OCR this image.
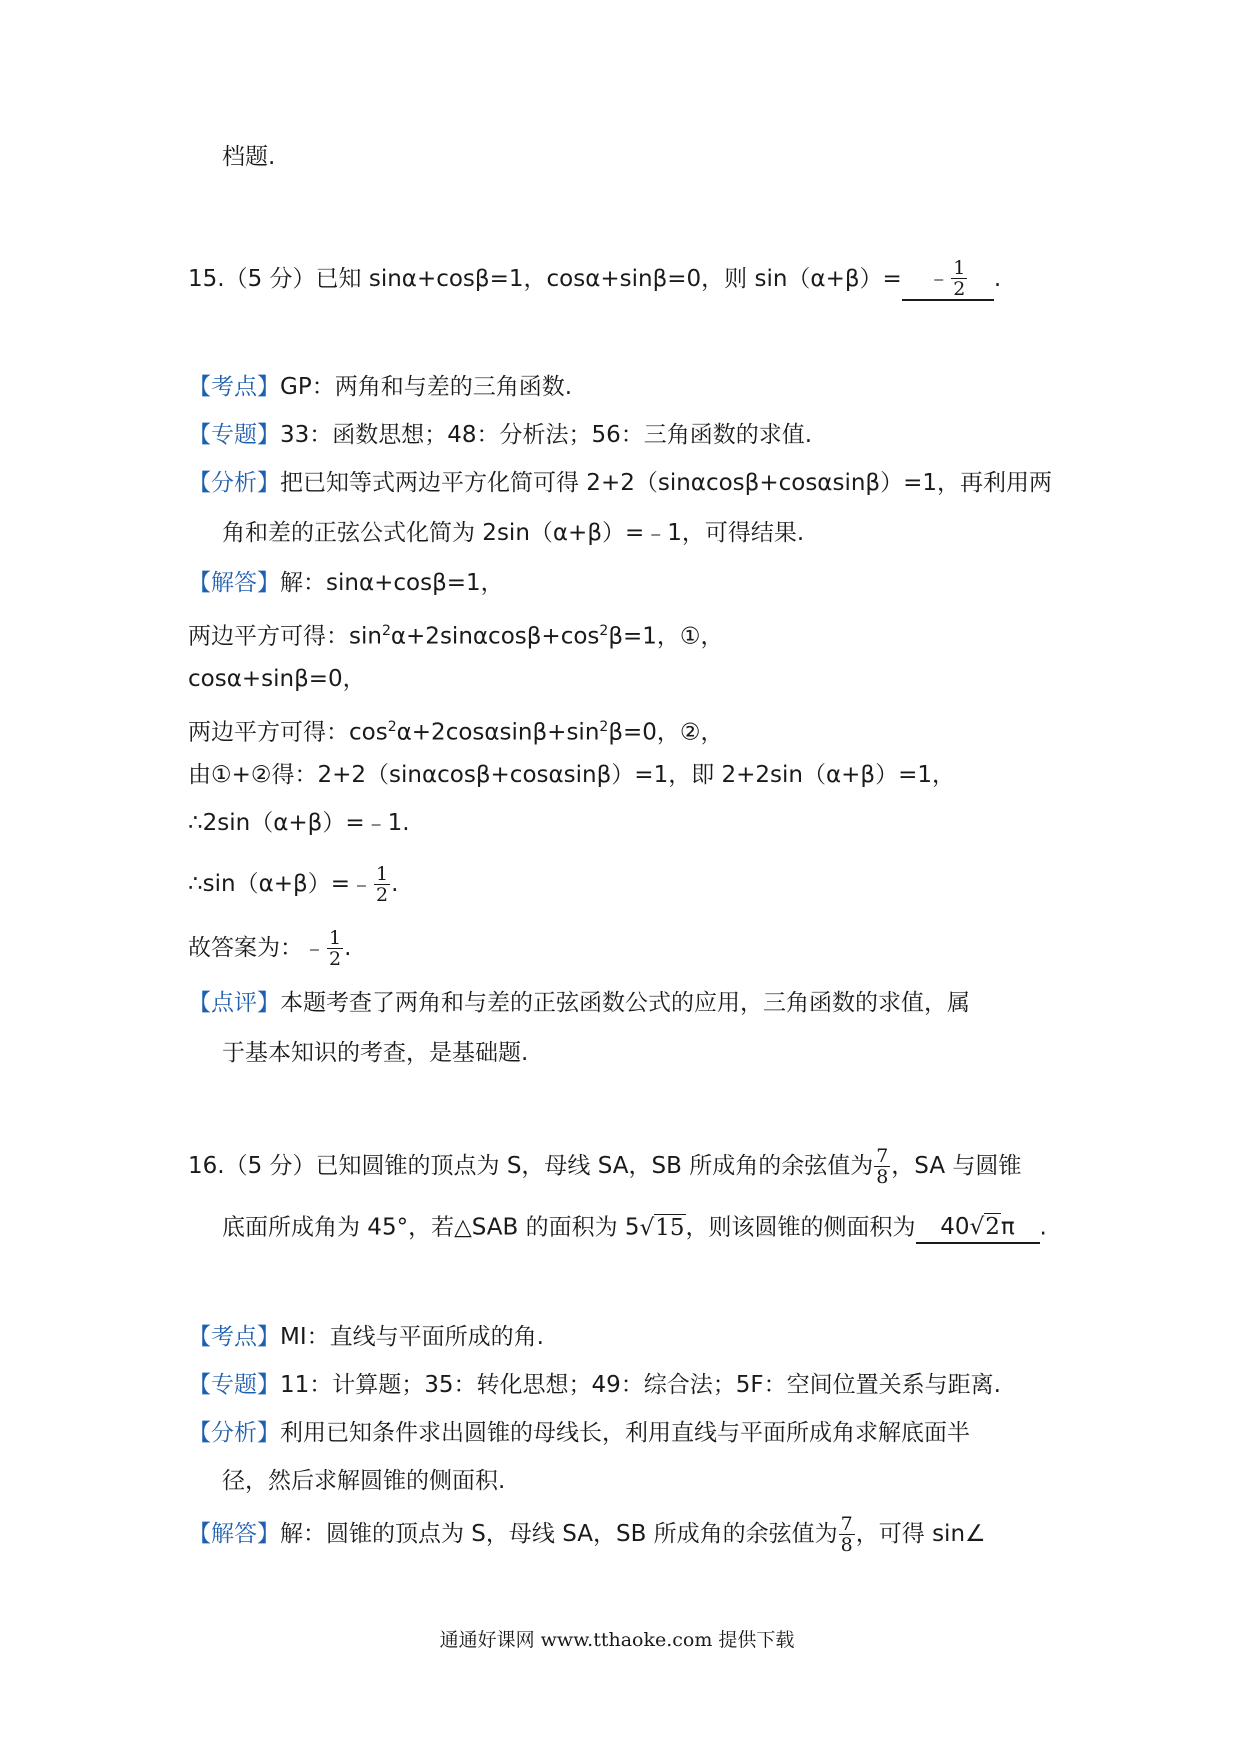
档题.
15.（5 分）已知 sinα+cosβ=1，cosα+sinβ=0，则 sin（α+β）= ﹣ $\frac{1}{2}$ .
【考点】GP：两角和与差的三角函数.
【专题】33：函数思想；48：分析法；56：三角函数的求值.
【分析】把已知等式两边平方化简可得 2+2（sinαcosβ+cosαsinβ）=1，再利用两
角和差的正弦公式化简为 2sin（α+β）=﹣1，可得结果.
【解答】解：sinα+cosβ=1，
两边平方可得：$\sin^2\alpha+2\sin\alpha\cos\beta+\cos^2\beta=1$，①，
cosα+sinβ=0，
两边平方可得：$\cos^2\alpha+2\cos\alpha\sin\beta+\sin^2\beta=0$，②，
由①+②得：2+2（sinαcosβ+cosαsinβ）=1，即 2+2sin（α+β）=1，
∴2sin（α+β）=﹣1.
∴sin（α+β）=﹣ $\frac{1}{2}$ .
故答案为：﹣ $\frac{1}{2}$ .
【点评】本题考查了两角和与差的正弦函数公式的应用，三角函数的求值，属
于基本知识的考查，是基础题.
16.（5 分）已知圆锥的顶点为 S，母线 SA，SB 所成角的余弦值为 $\frac{7}{8}$ ，SA 与圆锥
底面所成角为 45°，若△SAB 的面积为 5√15，则该圆锥的侧面积为 40√2π .
【考点】MI：直线与平面所成的角.
【专题】11：计算题；35：转化思想；49：综合法；5F：空间位置关系与距离.
【分析】利用已知条件求出圆锥的母线长，利用直线与平面所成角求解底面半
径，然后求解圆锥的侧面积.
【解答】解：圆锥的顶点为 S，母线 SA，SB 所成角的余弦值为 $\frac{7}{8}$ ，可得 sin∠
通通好课网 www.tthaoke.com 提供下载
